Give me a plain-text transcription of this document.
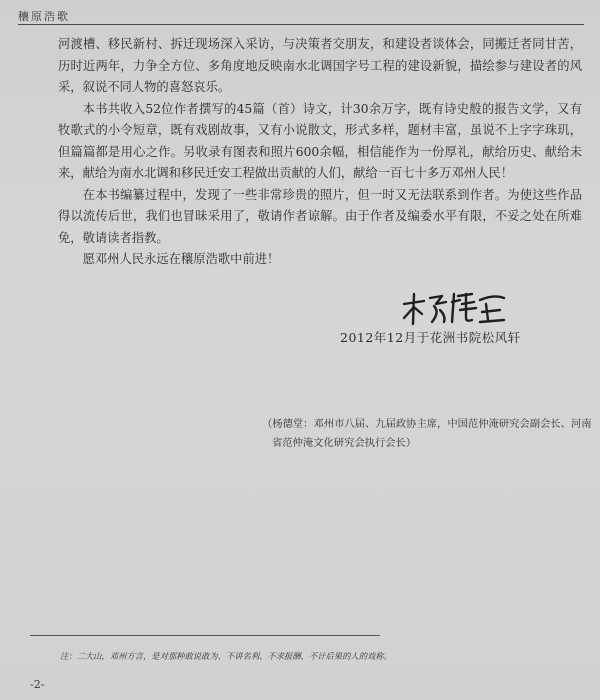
穰原浩歌

河渡槽、移民新村、拆迁现场深入采访，与决策者交朋友，和建设者谈体会，同搬迁者同甘苦，历时近两年，力争全方位、多角度地反映南水北调国字号工程的建设新貌，描绘参与建设者的风采，叙说不同人物的喜怒哀乐。

本书共收入52位作者撰写的45篇（首）诗文，计30余万字，既有诗史般的报告文学，又有牧歌式的小令短章，既有戏剧故事，又有小说散文，形式多样，题材丰富，虽说不上字字珠玑，但篇篇都是用心之作。另收录有图表和照片600余幅，相信能作为一份厚礼，献给历史、献给未来，献给为南水北调和移民迁安工程做出贡献的人们，献给一百七十多万邓州人民！

在本书编纂过程中，发现了一些非常珍贵的照片，但一时又无法联系到作者。为使这些作品得以流传后世，我们也冒昧采用了，敬请作者谅解。由于作者及编委水平有限，不妥之处在所难免，敬请读者指教。

愿邓州人民永远在穰原浩歌中前进！

2012年12月于花洲书院松风轩
（杨德堂：邓州市八届、九届政协主席，中国范仲淹研究会副会长、河南省范仲淹文化研究会执行会长）
注：二大山，邓州方言，是对那种敢说敢为、不讲名利、不求报酬、不计后果的人的戏称。
-2-
